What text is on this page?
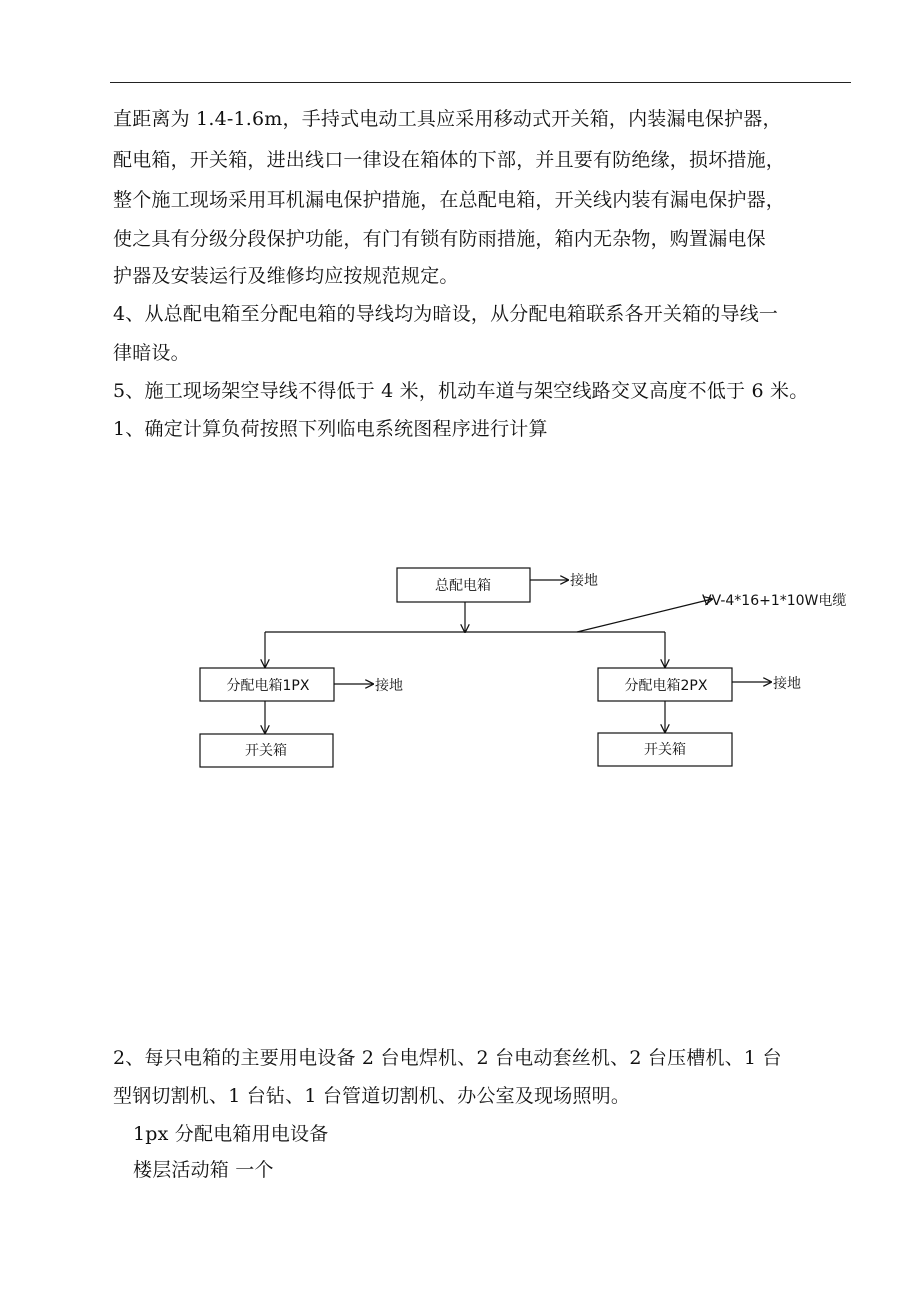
直距离为 1.4-1.6m，手持式电动工具应采用移动式开关箱，内装漏电保护器，
配电箱，开关箱，进出线口一律设在箱体的下部，并且要有防绝缘，损坏措施，
整个施工现场采用耳机漏电保护措施，在总配电箱，开关线内装有漏电保护器，
使之具有分级分段保护功能，有门有锁有防雨措施，箱内无杂物，购置漏电保
护器及安装运行及维修均应按规范规定。
4、从总配电箱至分配电箱的导线均为暗设，从分配电箱联系各开关箱的导线一
律暗设。
5、施工现场架空导线不得低于 4 米，机动车道与架空线路交叉高度不低于 6 米。
1、确定计算负荷按照下列临电系统图程序进行计算
总配电箱	接地
VV-4*16+1*10W电缆
分配电箱1PX	接地	分配电箱2PX	接地
开关箱	开关箱
2、每只电箱的主要用电设备 2 台电焊机、2 台电动套丝机、2 台压槽机、1 台
型钢切割机、1 台钻、1 台管道切割机、办公室及现场照明。
1px 分配电箱用电设备
楼层活动箱 一个
